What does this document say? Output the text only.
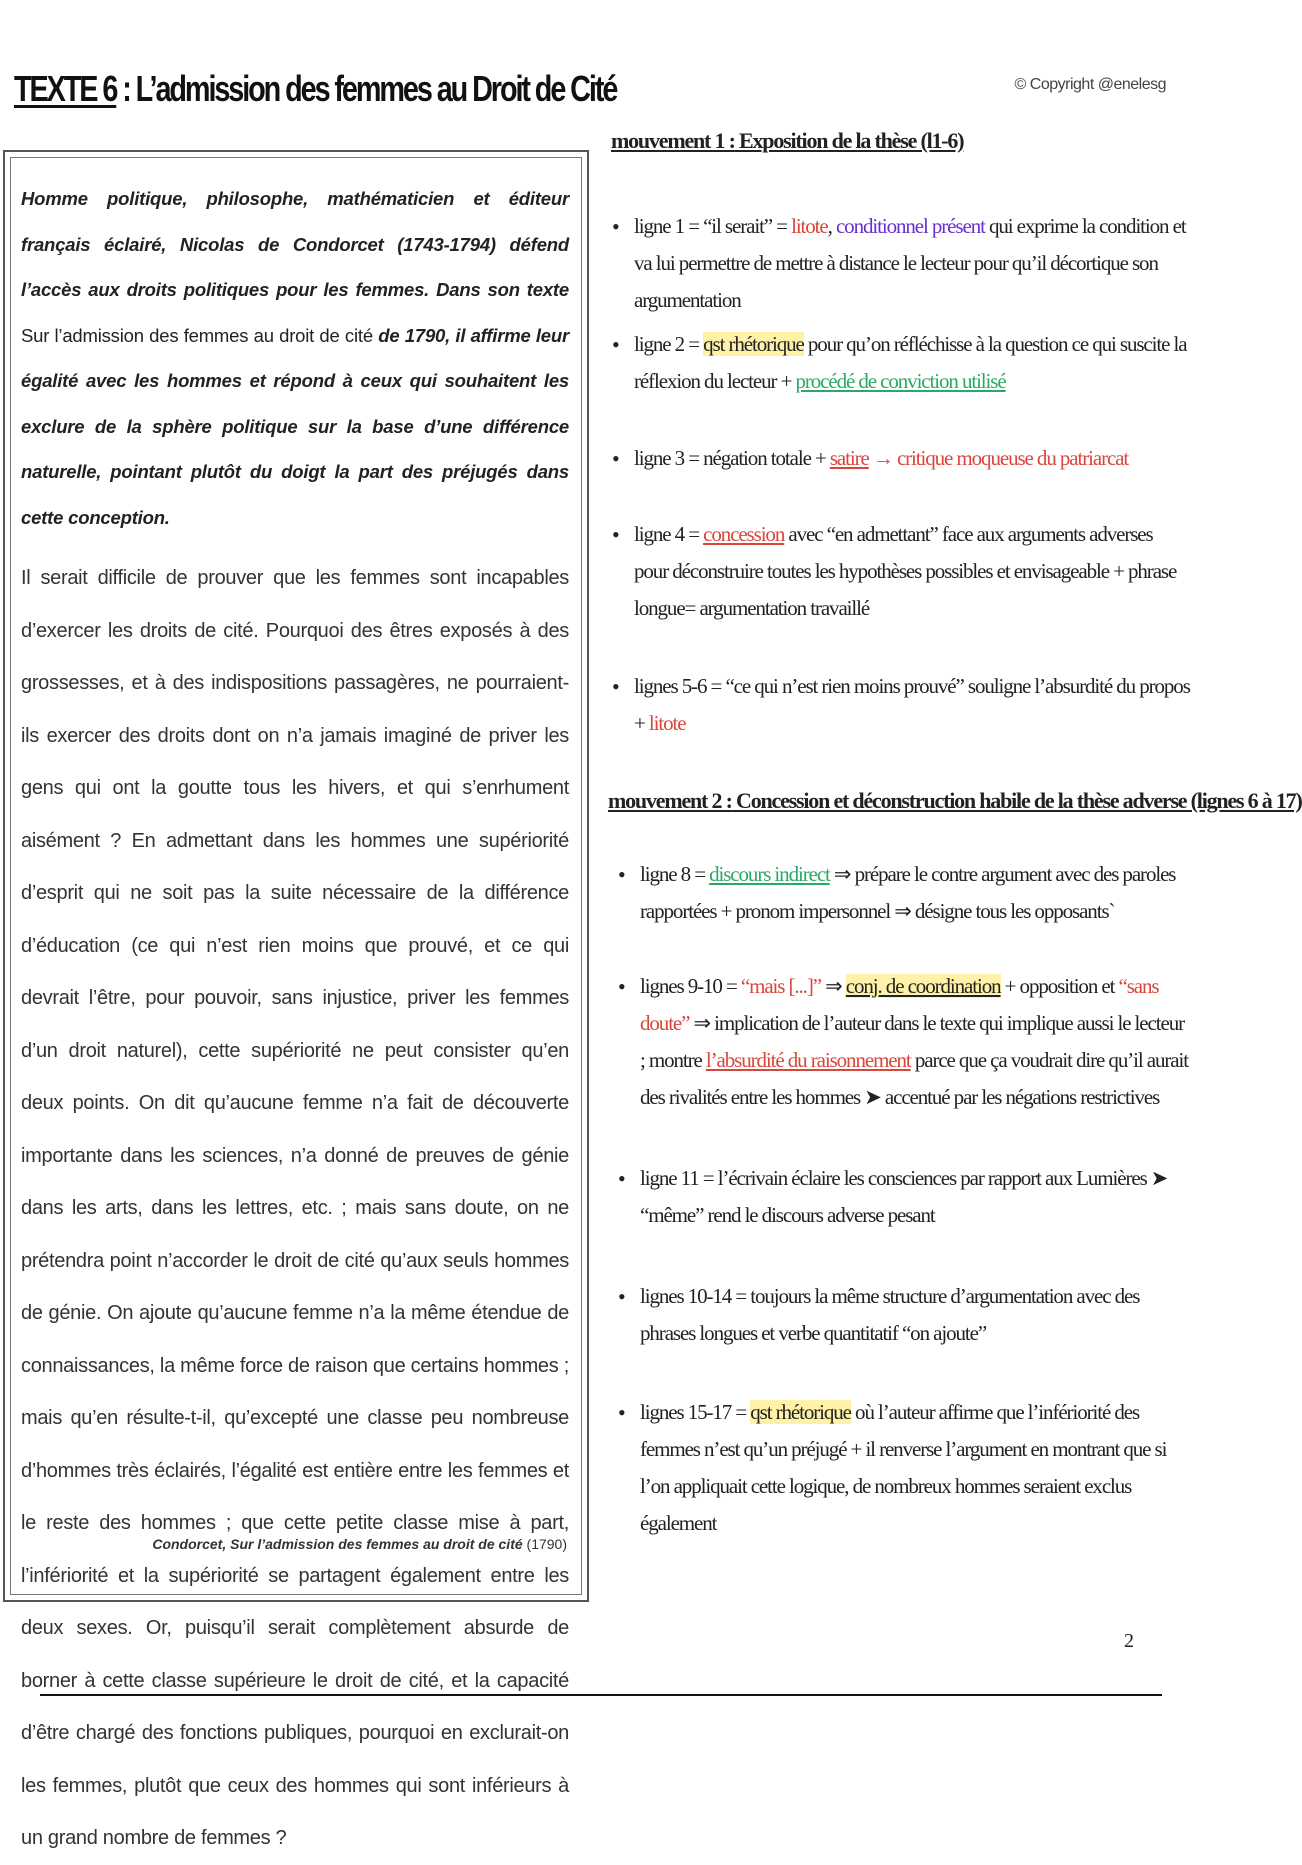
TEXTE 6 : L’admission des femmes au Droit de Cité	© Copyright @enelesg

Homme politique, philosophe, mathématicien et éditeur français éclairé, Nicolas de Condorcet (1743-1794) défend l’accès aux droits politiques pour les femmes. Dans son texte Sur l’admission des femmes au droit de cité de 1790, il affirme leur égalité avec les hommes et répond à ceux qui souhaitent les exclure de la sphère politique sur la base d’une différence naturelle, pointant plutôt du doigt la part des préjugés dans cette conception.

Il serait difficile de prouver que les femmes sont incapables d’exercer les droits de cité. Pourquoi des êtres exposés à des grossesses, et à des indispositions passagères, ne pourraient-ils exercer des droits dont on n’a jamais imaginé de priver les gens qui ont la goutte tous les hivers, et qui s’enrhument aisément ? En admettant dans les hommes une supériorité d’esprit qui ne soit pas la suite nécessaire de la différence d’éducation (ce qui n’est rien moins que prouvé, et ce qui devrait l’être, pour pouvoir, sans injustice, priver les femmes d’un droit naturel), cette supériorité ne peut consister qu’en deux points. On dit qu’aucune femme n’a fait de découverte importante dans les sciences, n’a donné de preuves de génie dans les arts, dans les lettres, etc. ; mais sans doute, on ne prétendra point n’accorder le droit de cité qu’aux seuls hommes de génie. On ajoute qu’aucune femme n’a la même étendue de connaissances, la même force de raison que certains hommes ; mais qu’en résulte-t-il, qu’excepté une classe peu nombreuse d’hommes très éclairés, l’égalité est entière entre les femmes et le reste des hommes ; que cette petite classe mise à part, l’infériorité et la supériorité se partagent également entre les deux sexes. Or, puisqu’il serait complètement absurde de borner à cette classe supérieure le droit de cité, et la capacité d’être chargé des fonctions publiques, pourquoi en exclurait-on les femmes, plutôt que ceux des hommes qui sont inférieurs à un grand nombre de femmes ?

Condorcet, Sur l’admission des femmes au droit de cité (1790)

mouvement 1 : Exposition de la thèse (l1-6)
• ligne 1 = “il serait” = litote, conditionnel présent qui exprime la condition et va lui permettre de mettre à distance le lecteur pour qu’il décortique son argumentation
• ligne 2 = qst rhétorique pour qu’on réfléchisse à la question ce qui suscite la réflexion du lecteur + procédé de conviction utilisé
• ligne 3 = négation totale + satire → critique moqueuse du patriarcat
• ligne 4 = concession avec “en admettant” face aux arguments adverses pour déconstruire toutes les hypothèses possibles et envisageable + phrase longue= argumentation travaillé
• lignes 5-6 = “ce qui n’est rien moins prouvé” souligne l’absurdité du propos + litote
mouvement 2 : Concession et déconstruction habile de la thèse adverse (lignes 6 à 17)
• ligne 8 = discours indirect ⇒ prépare le contre argument avec des paroles rapportées + pronom impersonnel ⇒ désigne tous les opposants`
• lignes 9-10 = “mais [...]” ⇒ conj. de coordination + opposition et “sans doute” ⇒ implication de l’auteur dans le texte qui implique aussi le lecteur ; montre l’absurdité du raisonnement parce que ça voudrait dire qu’il aurait des rivalités entre les hommes ➤ accentué par les négations restrictives
• ligne 11 = l’écrivain éclaire les consciences par rapport aux Lumières ➤ “même” rend le discours adverse pesant
• lignes 10-14 = toujours la même structure d’argumentation avec des phrases longues et verbe quantitatif “on ajoute”
• lignes 15-17 = qst rhétorique où l’auteur affirme que l’infériorité des femmes n’est qu’un préjugé + il renverse l’argument en montrant que si l’on appliquait cette logique, de nombreux hommes seraient exclus également

2
